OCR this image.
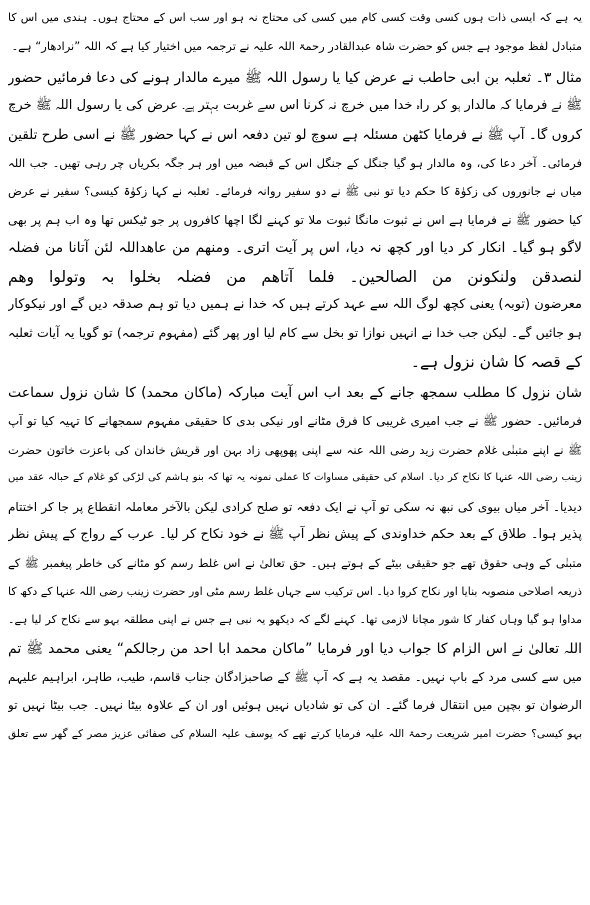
یہ ہے کہ ایسی ذات ہوں کسی وقت کسی کام میں کسی کی محتاج نہ ہو اور سب اس کے محتاج ہوں۔ ہندی میں اس کا
متبادل لفظ موجود ہے جس کو حضرت شاہ عبدالقادر رحمۃ اللہ علیہ نے ترجمہ میں اختیار کیا ہے کہ اللہ ”نرادھار“ ہے۔
مثال ۳۔ ثعلبہ بن ابی حاطب نے عرض کیا یا رسول اللہ ﷺ میرے مالدار ہونے کی دعا فرمائیں حضور
ﷺ نے فرمایا کہ مالدار ہو کر راہ خدا میں خرچ نہ کرنا اس سے غربت بہتر ہے۔ عرض کی یا رسول اللہ ﷺ خرچ
کروں گا۔ آپ ﷺ نے فرمایا کٹھن مسئلہ ہے سوچ لو تین دفعہ اس نے کہا حضور ﷺ نے اسی طرح تلقین
فرمائی۔ آخر دعا کی، وہ مالدار ہو گیا جنگل کے جنگل اس کے قبضہ میں اور ہر جگہ بکریاں چر رہی تھیں۔ جب اللہ
میاں نے جانوروں کی زکوٰۃ کا حکم دیا تو نبی ﷺ نے دو سفیر روانہ فرمائے۔ ثعلبہ نے کہا زکوٰۃ کیسی؟ سفیر نے عرض
کیا حضور ﷺ نے فرمایا ہے اس نے ثبوت مانگا ثبوت ملا تو کہنے لگا اچھا کافروں پر جو ٹیکس تھا وہ اب ہم پر بھی
لاگو ہو گیا۔ انکار کر دیا اور کچھ نہ دیا، اس پر آیت اتری۔ ومنھم من عاھداللہ لئن آتانا من فضلہ
لنصدقن ولنکونن من الصالحین۔ فلما آتاھم من فضلہ بخلوا بہ وتولوا وھم
معرضون (توبہ) یعنی کچھ لوگ اللہ سے عہد کرتے ہیں کہ خدا نے ہمیں دیا تو ہم صدقہ دیں گے اور نیکوکار
ہو جائیں گے۔ لیکن جب خدا نے انہیں نوازا تو بخل سے کام لیا اور پھر گئے (مفہوم ترجمہ) تو گویا یہ آیات ثعلبہ
کے قصہ کا شان نزول ہے۔
شان نزول کا مطلب سمجھ جانے کے بعد اب اس آیت مبارکہ (ماکان محمد) کا شان نزول سماعت
فرمائیں۔ حضور ﷺ نے جب امیری غریبی کا فرق مٹانے اور نیکی بدی کا حقیقی مفہوم سمجھانے کا تہیہ کیا تو آپ
ﷺ نے اپنے متبنٰی غلام حضرت زید رضی اللہ عنہ سے اپنی پھوپھی زاد بہن اور قریش خاندان کی باعزت خاتون حضرت
زینب رضی اللہ عنہا کا نکاح کر دیا۔ اسلام کی حقیقی مساوات کا عملی نمونہ یہ تھا کہ بنو ہاشم کی لڑکی کو غلام کے حبالہ عقد میں
دیدیا۔ آخر میاں بیوی کی نبھ نہ سکی تو آپ نے ایک دفعہ تو صلح کرادی لیکن بالآخر معاملہ انقطاع پر جا کر اختتام
پذیر ہوا۔ طلاق کے بعد حکم خداوندی کے پیش نظر آپ ﷺ نے خود نکاح کر لیا۔ عرب کے رواج کے پیش نظر
متبنٰی کے وہی حقوق تھے جو حقیقی بیٹے کے ہوتے ہیں۔ حق تعالیٰ نے اس غلط رسم کو مٹانے کی خاطر پیغمبر ﷺ کے
ذریعہ اصلاحی منصوبہ بنایا اور نکاح کروا دیا۔ اس ترکیب سے جہاں غلط رسم مٹی اور حضرت زینب رضی اللہ عنہا کے دکھ کا
مداوا ہو گیا وہاں کفار کا شور مچانا لازمی تھا۔ کہنے لگے کہ دیکھو یہ نبی ہے جس نے اپنی مطلقہ بہو سے نکاح کر لیا ہے۔
اللہ تعالیٰ نے اس الزام کا جواب دیا اور فرمایا ”ماکان محمد ابا احد من رجالکم“ یعنی محمد ﷺ تم
میں سے کسی مرد کے باپ نہیں۔ مقصد یہ ہے کہ آپ ﷺ کے صاحبزادگان جناب قاسم، طیب، طاہر، ابراہیم علیہم
الرضوان تو بچپن میں انتقال فرما گئے۔ ان کی تو شادیاں نہیں ہوئیں اور ان کے علاوہ بیٹا نہیں۔ جب بیٹا نہیں تو
بہو کیسی؟ حضرت امیر شریعت رحمۃ اللہ علیہ فرمایا کرتے تھے کہ یوسف علیہ السلام کی صفائی عزیز مصر کے گھر سے تعلق
